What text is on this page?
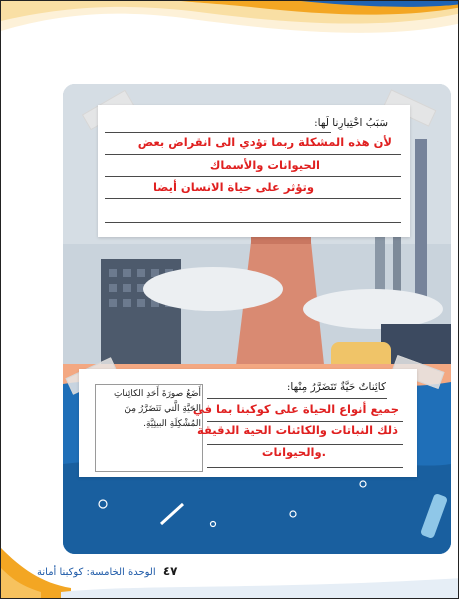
سَبَبُ اخْتِيارِنا لَها:
لأن هذه المشكلة ربما تؤدي الى انقراض بعض
الحيوانات والأسماك
وتؤثر على حياة الانسان أيضا
أَضَعُ صورَةَ أَحَدِ الكائِناتِ الحَيَّةِ الَّتي تَتَضَرَّرُ مِنَ المُشْكِلَةِ البيئِيَّةِ.
كائِناتٌ حَيَّةٌ تَتَضَرَّرُ مِنْها:
جميع أنواع الحياة على كوكبنا بما في
ذلك النباتات والكائنات الحية الدقيقة
.والحيوانات
٤٧ الوحدة الخامسة: كوكبنا أمانة
